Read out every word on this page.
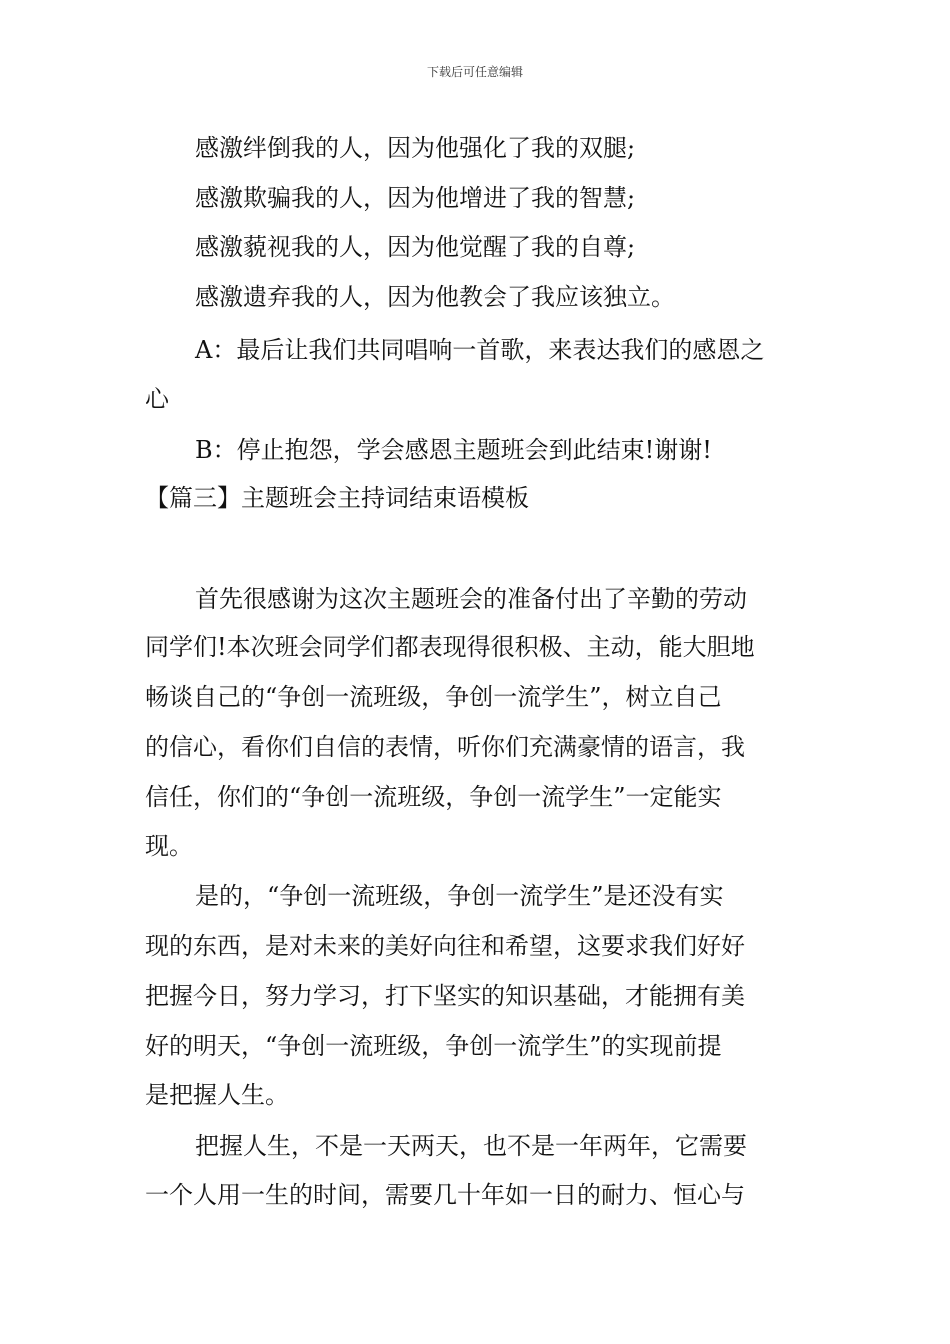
下载后可任意编辑
感激绊倒我的人，因为他强化了我的双腿;
感激欺骗我的人，因为他增进了我的智慧;
感激藐视我的人，因为他觉醒了我的自尊;
感激遗弃我的人，因为他教会了我应该独立。
A：最后让我们共同唱响一首歌，来表达我们的感恩之
心
B：停止抱怨，学会感恩主题班会到此结束!谢谢!
【篇三】主题班会主持词结束语模板
首先很感谢为这次主题班会的准备付出了辛勤的劳动
同学们!本次班会同学们都表现得很积极、主动，能大胆地
畅谈自己的“争创一流班级，争创一流学生”，树立自己
的信心，看你们自信的表情，听你们充满豪情的语言，我
信任，你们的“争创一流班级，争创一流学生”一定能实
现。
是的，“争创一流班级，争创一流学生”是还没有实
现的东西，是对未来的美好向往和希望，这要求我们好好
把握今日，努力学习，打下坚实的知识基础，才能拥有美
好的明天，“争创一流班级，争创一流学生”的实现前提
是把握人生。
把握人生，不是一天两天，也不是一年两年，它需要
一个人用一生的时间，需要几十年如一日的耐力、恒心与
